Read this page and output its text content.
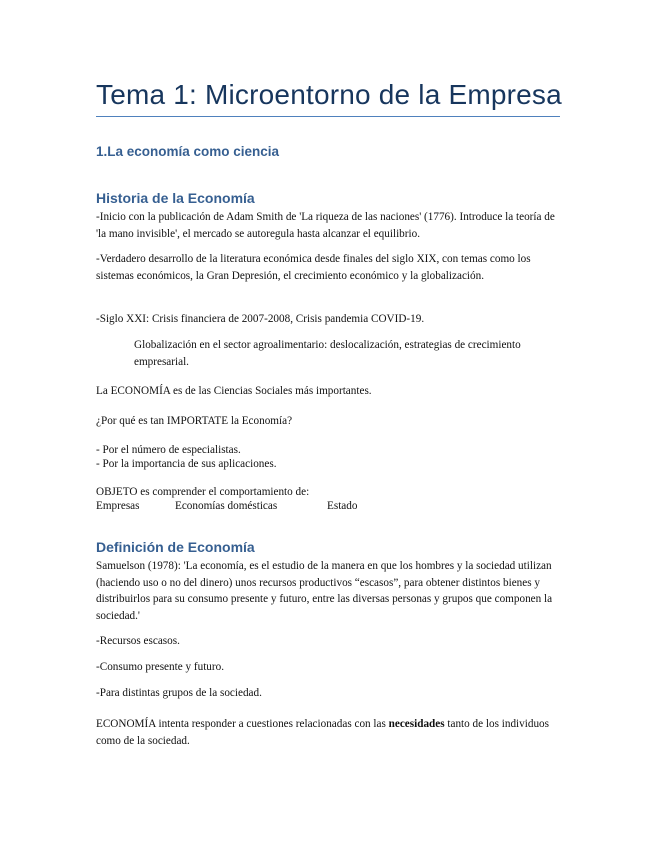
Tema 1: Microentorno de la Empresa
1.La economía como ciencia
Historia de la Economía

-Inicio con la publicación de Adam Smith de 'La riqueza de las naciones' (1776). Introduce la teoría de 'la mano invisible', el mercado se autoregula hasta alcanzar el equilibrio.

-Verdadero desarrollo de la literatura económica desde finales del siglo XIX, con temas como los sistemas económicos, la Gran Depresión, el crecimiento económico y la globalización.

-Siglo XXI: Crisis financiera de 2007-2008, Crisis pandemia COVID-19.

Globalización en el sector agroalimentario: deslocalización, estrategias de crecimiento empresarial.

La ECONOMÍA es de las Ciencias Sociales más importantes.

¿Por qué es tan IMPORTATE la Economía?

- Por el número de especialistas.

- Por la importancia de sus aplicaciones.

OBJETO es comprender el comportamiento de:

Empresas	Economías domésticas	Estado
Definición de Economía

Samuelson (1978): 'La economía, es el estudio de la manera en que los hombres y la sociedad utilizan (haciendo uso o no del dinero) unos recursos productivos “escasos”, para obtener distintos bienes y distribuirlos para su consumo presente y futuro, entre las diversas personas y grupos que componen la sociedad.'

-Recursos escasos.

-Consumo presente y futuro.

-Para distintas grupos de la sociedad.

ECONOMÍA intenta responder a cuestiones relacionadas con las necesidades tanto de los individuos como de la sociedad.
